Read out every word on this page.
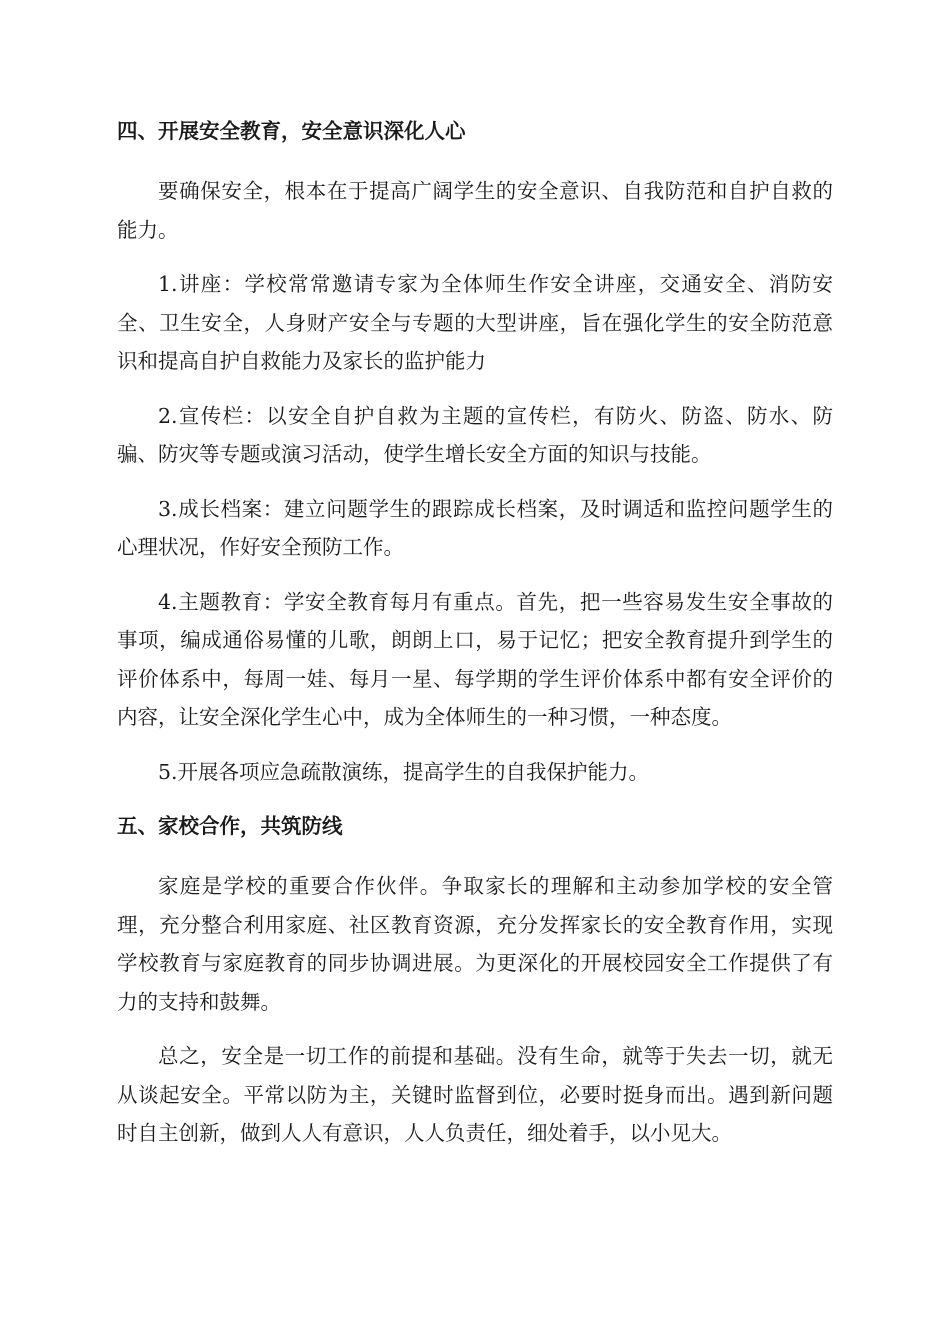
四、开展安全教育，安全意识深化人心

要确保安全，根本在于提高广阔学生的安全意识、自我防范和自护自救的能力。

1.讲座：学校常常邀请专家为全体师生作安全讲座，交通安全、消防安全、卫生安全，人身财产安全与专题的大型讲座，旨在强化学生的安全防范意识和提高自护自救能力及家长的监护能力

2.宣传栏：以安全自护自救为主题的宣传栏，有防火、防盗、防水、防骗、防灾等专题或演习活动，使学生增长安全方面的知识与技能。

3.成长档案：建立问题学生的跟踪成长档案，及时调适和监控问题学生的心理状况，作好安全预防工作。

4.主题教育：学安全教育每月有重点。首先，把一些容易发生安全事故的事项，编成通俗易懂的儿歌，朗朗上口，易于记忆；把安全教育提升到学生的评价体系中，每周一娃、每月一星、每学期的学生评价体系中都有安全评价的内容，让安全深化学生心中，成为全体师生的一种习惯，一种态度。

5.开展各项应急疏散演练，提高学生的自我保护能力。

五、家校合作，共筑防线

家庭是学校的重要合作伙伴。争取家长的理解和主动参加学校的安全管理，充分整合利用家庭、社区教育资源，充分发挥家长的安全教育作用，实现学校教育与家庭教育的同步协调进展。为更深化的开展校园安全工作提供了有力的支持和鼓舞。

总之，安全是一切工作的前提和基础。没有生命，就等于失去一切，就无从谈起安全。平常以防为主，关键时监督到位，必要时挺身而出。遇到新问题时自主创新，做到人人有意识，人人负责任，细处着手，以小见大。
